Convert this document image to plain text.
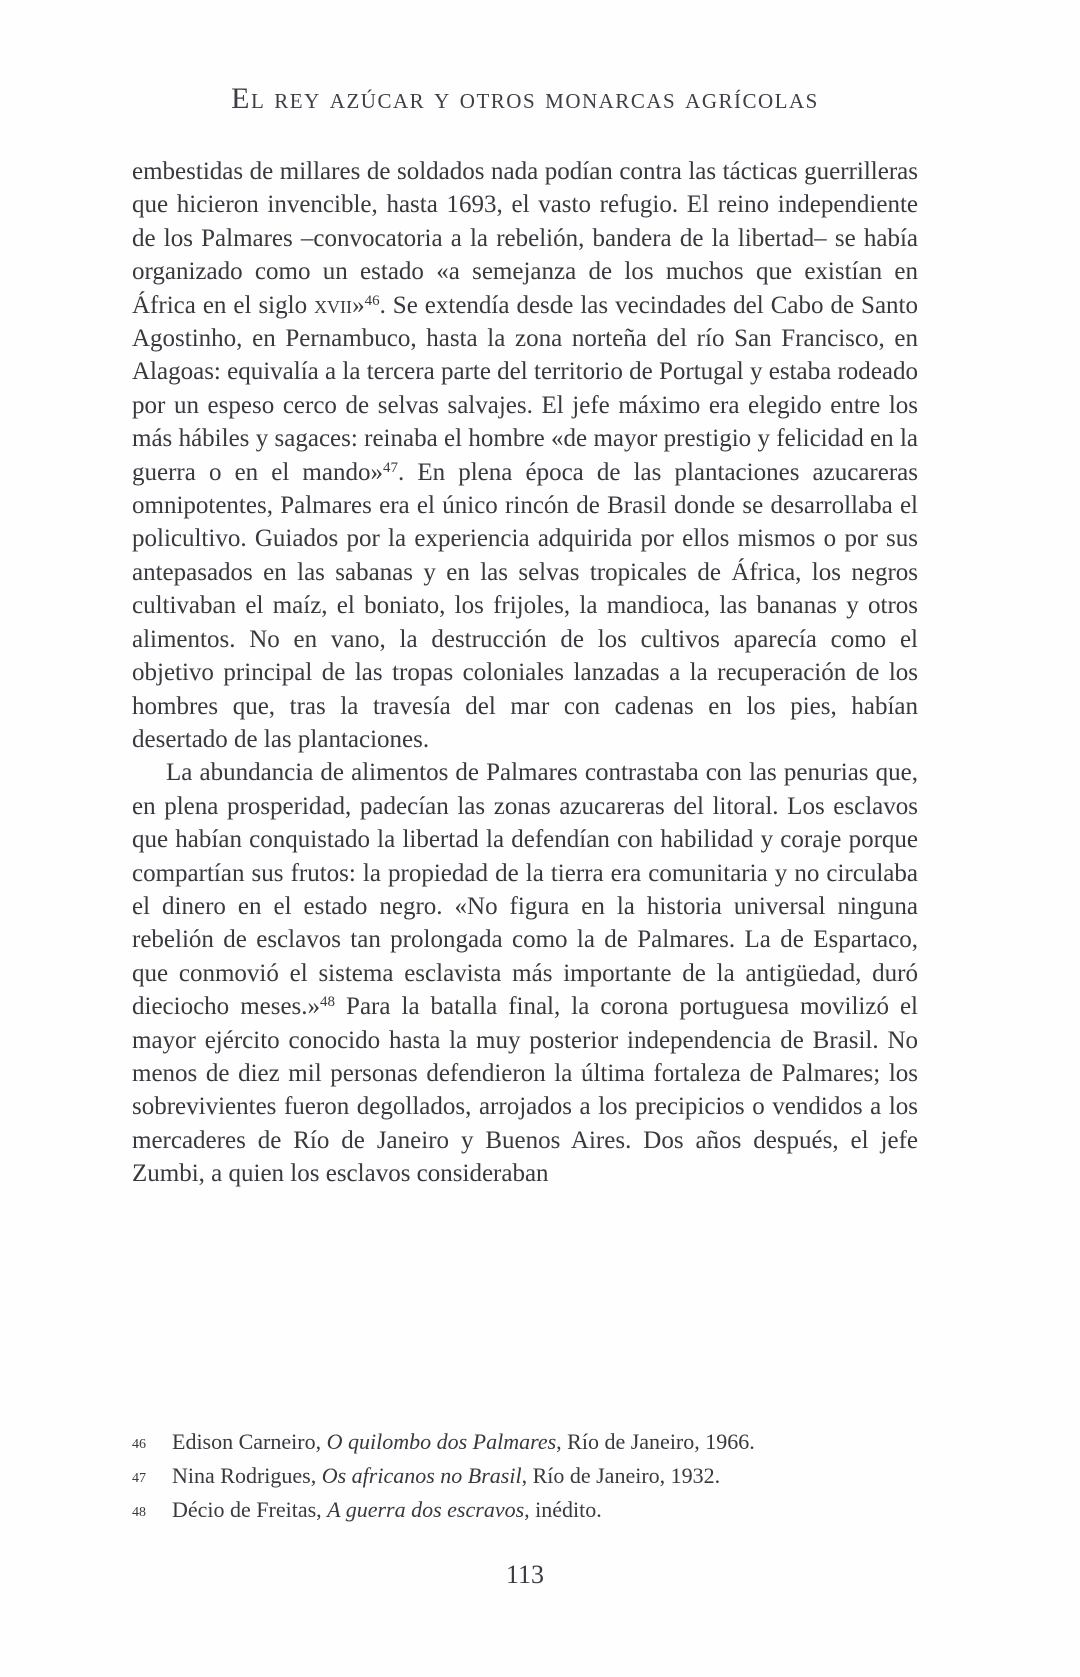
El rey azúcar y otros monarcas agrícolas

embestidas de millares de soldados nada podían contra las tácticas guerrilleras que hicieron invencible, hasta 1693, el vasto refugio. El reino independiente de los Palmares –convocatoria a la rebelión, bandera de la libertad– se había organizado como un estado «a semejanza de los muchos que existían en África en el siglo xvii»$^{46}$. Se extendía desde las vecindades del Cabo de Santo Agostinho, en Pernambuco, hasta la zona norteña del río San Francisco, en Alagoas: equivalía a la tercera parte del territorio de Portugal y estaba rodeado por un espeso cerco de selvas salvajes. El jefe máximo era elegido entre los más hábiles y sagaces: reinaba el hombre «de mayor prestigio y felicidad en la guerra o en el mando»$^{47}$. En plena época de las plantaciones azucareras omnipotentes, Palmares era el único rincón de Brasil donde se desarrollaba el policultivo. Guiados por la experiencia adquirida por ellos mismos o por sus antepasados en las sabanas y en las selvas tropicales de África, los negros cultivaban el maíz, el boniato, los frijoles, la mandioca, las bananas y otros alimentos. No en vano, la destrucción de los cultivos aparecía como el objetivo principal de las tropas coloniales lanzadas a la recuperación de los hombres que, tras la travesía del mar con cadenas en los pies, habían desertado de las plantaciones.

La abundancia de alimentos de Palmares contrastaba con las penurias que, en plena prosperidad, padecían las zonas azucareras del litoral. Los esclavos que habían conquistado la libertad la defendían con habilidad y coraje porque compartían sus frutos: la propiedad de la tierra era comunitaria y no circulaba el dinero en el estado negro. «No figura en la historia universal ninguna rebelión de esclavos tan prolongada como la de Palmares. La de Espartaco, que conmovió el sistema esclavista más importante de la antigüedad, duró dieciocho meses.»$^{48}$ Para la batalla final, la corona portuguesa movilizó el mayor ejército conocido hasta la muy posterior independencia de Brasil. No menos de diez mil personas defendieron la última fortaleza de Palmares; los sobrevivientes fueron degollados, arrojados a los precipicios o vendidos a los mercaderes de Río de Janeiro y Buenos Aires. Dos años después, el jefe Zumbi, a quien los esclavos consideraban

46	Edison Carneiro, O quilombo dos Palmares, Río de Janeiro, 1966.
47	Nina Rodrigues, Os africanos no Brasil, Río de Janeiro, 1932.
48	Décio de Freitas, A guerra dos escravos, inédito.
113
